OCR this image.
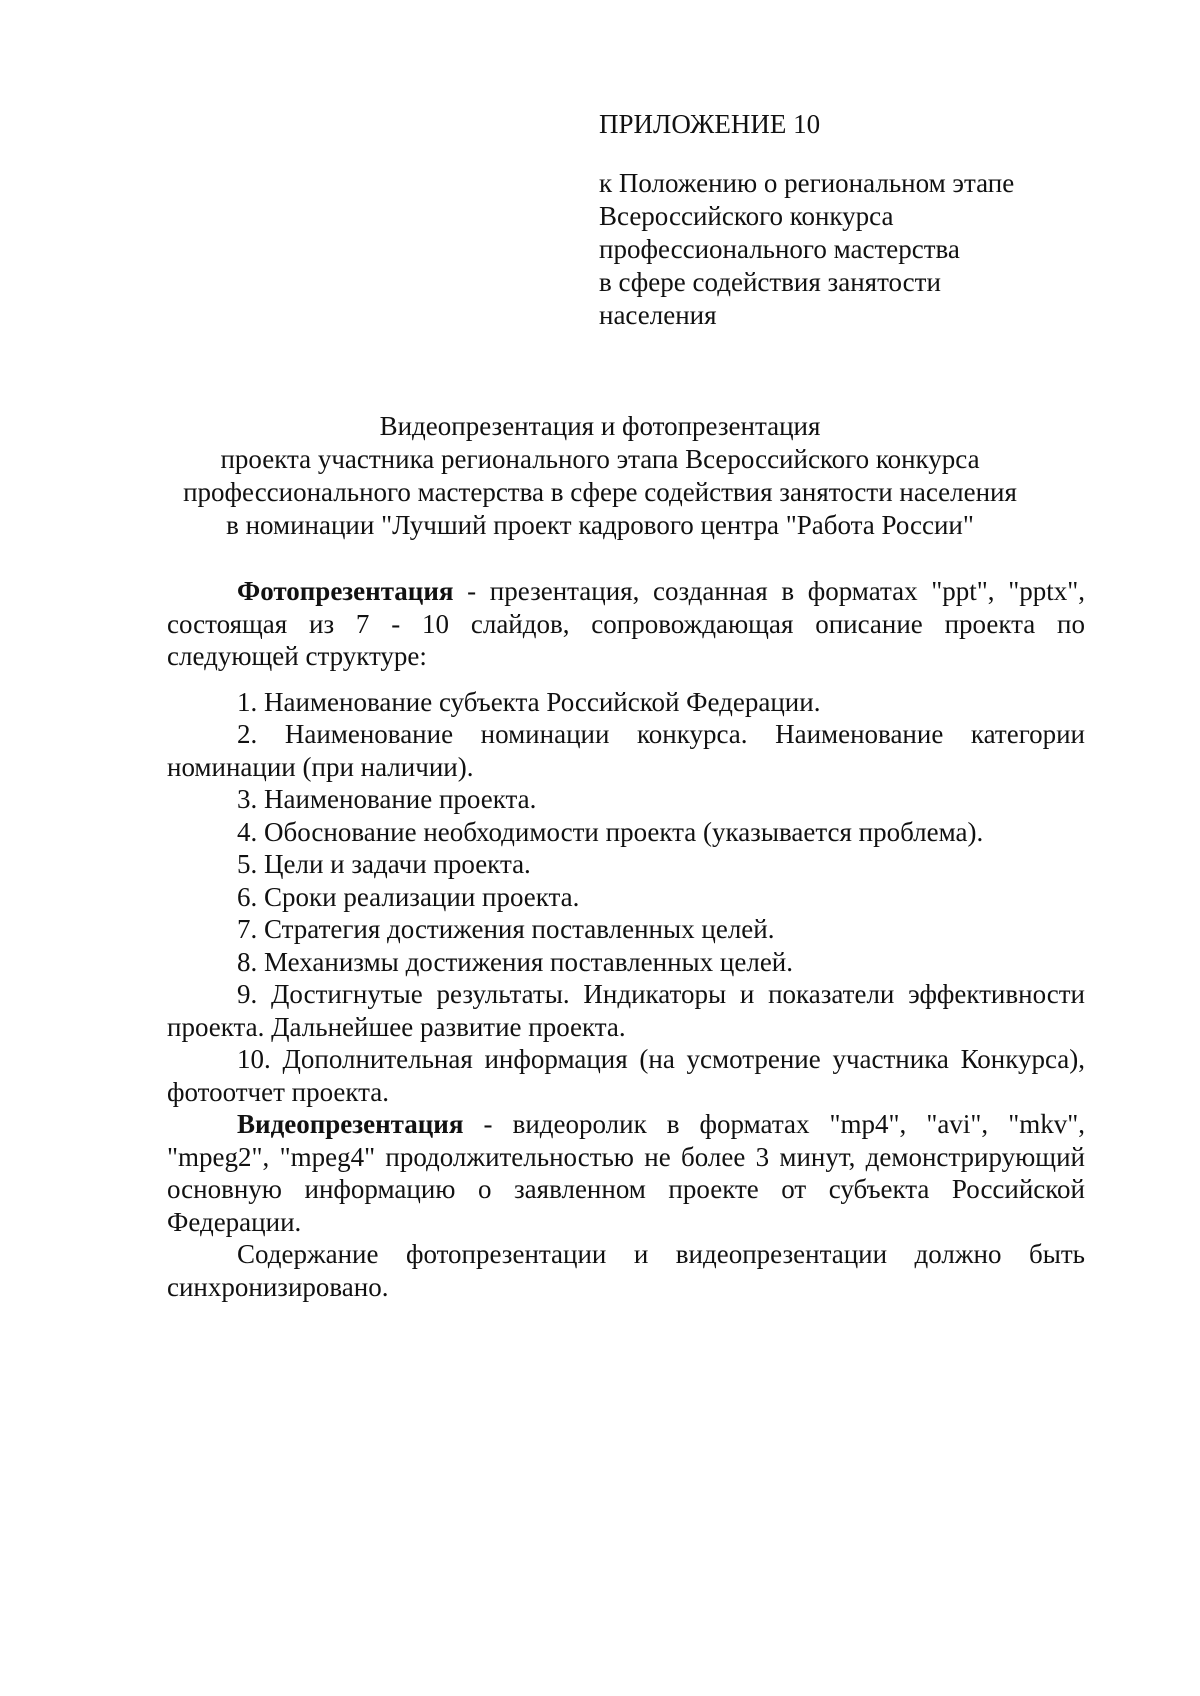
ПРИЛОЖЕНИЕ 10
к Положению о региональном этапе
Всероссийского конкурса
профессионального мастерства
в сфере содействия занятости
населения
Видеопрезентация и фотопрезентация
проекта участника регионального этапа Всероссийского конкурса
профессионального мастерства в сфере содействия занятости населения
в номинации "Лучший проект кадрового центра "Работа России"

Фотопрезентация - презентация, созданная в форматах "ppt", "pptx", состоящая из 7 - 10 слайдов, сопровождающая описание проекта по следующей структуре:

1. Наименование субъекта Российской Федерации.

2. Наименование номинации конкурса. Наименование категории номинации (при наличии).

3. Наименование проекта.

4. Обоснование необходимости проекта (указывается проблема).

5. Цели и задачи проекта.

6. Сроки реализации проекта.

7. Стратегия достижения поставленных целей.

8. Механизмы достижения поставленных целей.

9. Достигнутые результаты. Индикаторы и показатели эффективности проекта. Дальнейшее развитие проекта.

10. Дополнительная информация (на усмотрение участника Конкурса), фотоотчет проекта.

Видеопрезентация - видеоролик в форматах "mp4", "avi", "mkv", "mpeg2", "mpeg4" продолжительностью не более 3 минут, демонстрирующий основную информацию о заявленном проекте от субъекта Российской Федерации.

Содержание фотопрезентации и видеопрезентации должно быть синхронизировано.
